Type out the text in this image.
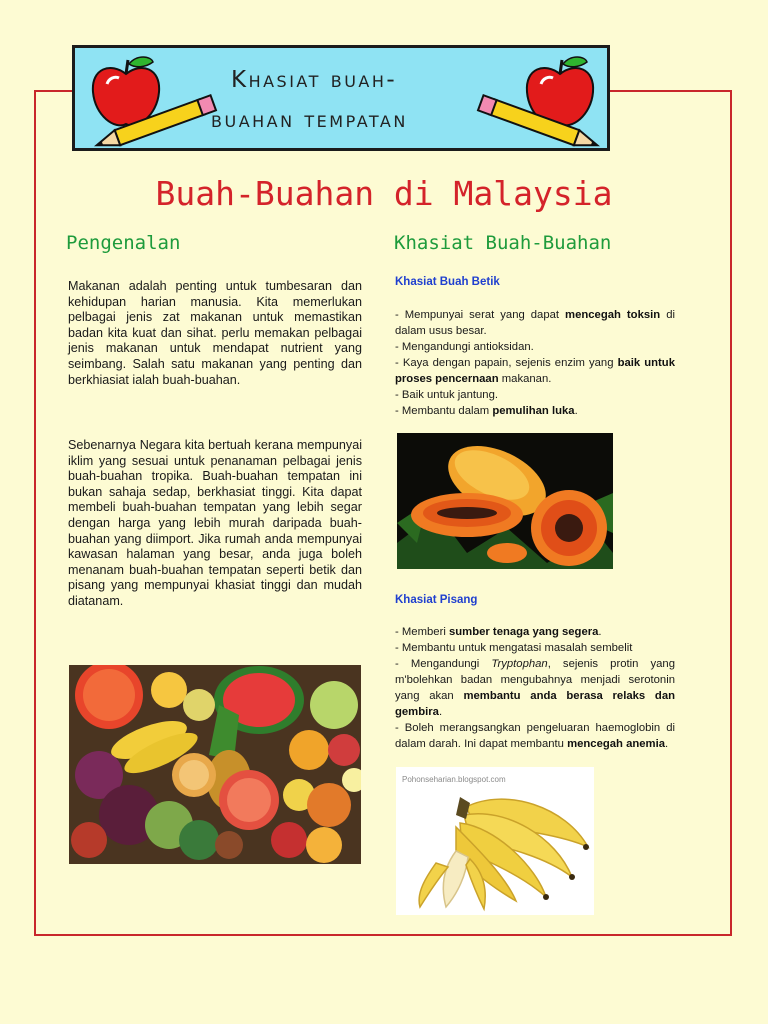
Khasiat buah-
buahan tempatan
Buah-Buahan di Malaysia
Pengenalan
Makanan adalah penting untuk tumbesaran dan kehidupan harian manusia. Kita memerlukan pelbagai jenis zat makanan untuk memastikan badan kita kuat dan sihat. perlu memakan pelbagai jenis makanan untuk mendapat nutrient yang seimbang. Salah satu makanan yang penting dan berkhiasiat ialah buah-buahan.
Sebenarnya Negara kita bertuah kerana mempunyai iklim yang sesuai untuk penanaman pelbagai jenis buah-buahan tropika. Buah-buahan tempatan ini bukan sahaja sedap, berkhasiat tinggi. Kita dapat membeli buah-buahan tempatan yang lebih segar dengan harga yang lebih murah daripada buah-buahan yang diimport. Jika rumah anda mempunyai kawasan halaman yang besar, anda juga boleh menanam buah-buahan tempatan seperti betik dan pisang yang mempunyai khasiat tinggi dan mudah diatanam.
Khasiat Buah-Buahan
Khasiat Buah Betik

- Mempunyai serat yang dapat mencegah toksin di dalam usus besar.

- Mengandungi antioksidan.

- Kaya dengan papain, sejenis enzim yang baik untuk proses pencernaan makanan.

- Baik untuk jantung.

- Membantu dalam pemulihan luka.

Khasiat Pisang

- Memberi sumber tenaga yang segera.

- Membantu untuk mengatasi masalah sembelit

- Mengandungi Tryptophan, sejenis protin yang m'bolehkan badan mengubahnya menjadi serotonin yang akan membantu anda berasa relaks dan gembira.

- Boleh merangsangkan pengeluaran haemoglobin di dalam darah. Ini dapat membantu mencegah anemia.

Pohonseharian.blogspot.com
